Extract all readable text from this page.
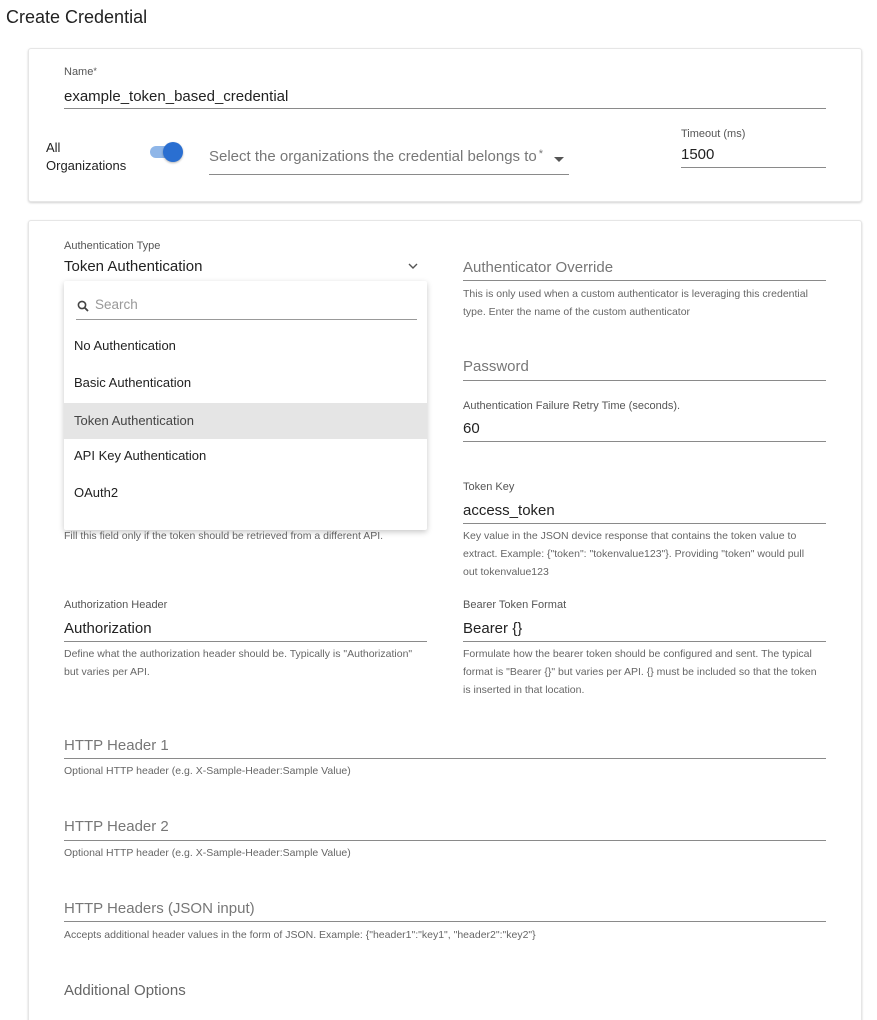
Create Credential
Name*
example_token_based_credential
All
Organizations
Select the organizations the credential belongs to *
Timeout (ms)
1500
Authentication Type
Token Authentication
Search
No Authentication
Basic Authentication
Token Authentication
API Key Authentication
OAuth2
Authenticator Override
This is only used when a custom authenticator is leveraging this credential
type. Enter the name of the custom authenticator
Password
Authentication Failure Retry Time (seconds).
60
Fill this field only if the token should be retrieved from a different API.
Token Key
access_token
Key value in the JSON device response that contains the token value to
extract. Example: {"token": "tokenvalue123"}. Providing "token" would pull
out tokenvalue123
Authorization Header
Authorization
Define what the authorization header should be. Typically is "Authorization"
but varies per API.
Bearer Token Format
Bearer {}
Formulate how the bearer token should be configured and sent. The typical
format is "Bearer {}" but varies per API. {} must be included so that the token
is inserted in that location.
HTTP Header 1
Optional HTTP header (e.g. X-Sample-Header:Sample Value)
HTTP Header 2
Optional HTTP header (e.g. X-Sample-Header:Sample Value)
HTTP Headers (JSON input)
Accepts additional header values in the form of JSON. Example: {"header1":"key1", "header2":"key2"}
Additional Options
